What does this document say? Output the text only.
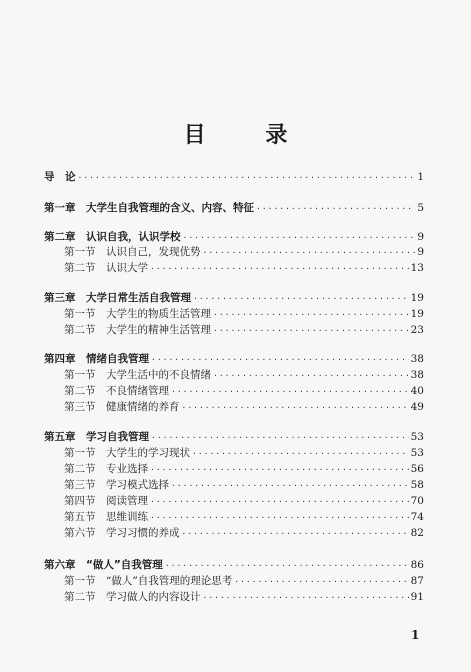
目 录
导　论 ·····	1
第一章　大学生自我管理的含义、内容、特征 ·····	5
第二章　认识自我，认识学校 ·····	9
第一节 认识自己，发现优势 ·····	9
第二节 认识大学 ·····	13
第三章　大学日常生活自我管理 ·····	19
第一节 大学生的物质生活管理 ·····	19
第二节 大学生的精神生活管理 ·····	23
第四章　情绪自我管理 ·····	38
第一节 大学生活中的不良情绪 ·····	38
第二节 不良情绪管理 ·····	40
第三节 健康情绪的养育 ·····	49
第五章　学习自我管理 ·····	53
第一节 大学生的学习现状 ·····	53
第二节 专业选择 ·····	56
第三节 学习模式选择 ·····	58
第四节 阅读管理 ·····	70
第五节 思维训练 ·····	74
第六节 学习习惯的养成 ·····	82
第六章　“做人”自我管理 ·····	86
第一节 “做人”自我管理的理论思考 ·····	87
第二节 学习做人的内容设计 ·····	91
1
